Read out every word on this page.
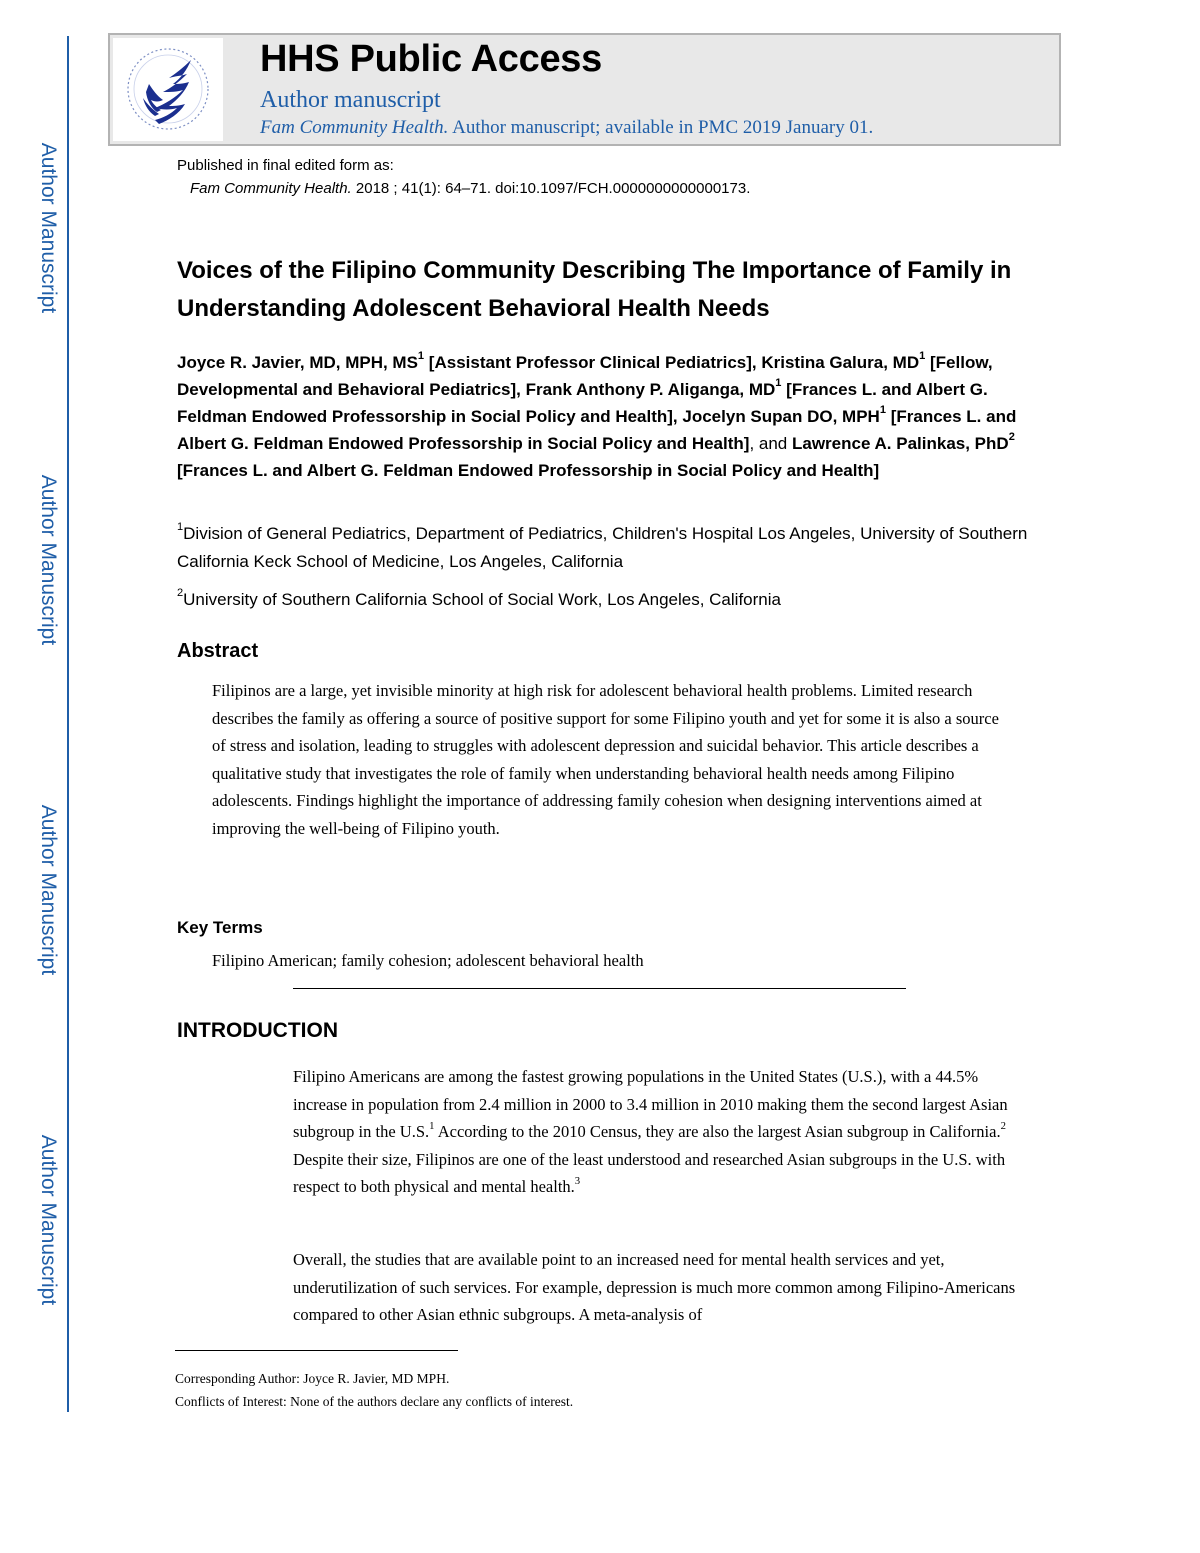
Author Manuscript
Author Manuscript
Author Manuscript
Author Manuscript
HHS Public Access
Author manuscript
Fam Community Health. Author manuscript; available in PMC 2019 January 01.
Published in final edited form as:
Fam Community Health. 2018 ; 41(1): 64–71. doi:10.1097/FCH.0000000000000173.
Voices of the Filipino Community Describing The Importance of Family in Understanding Adolescent Behavioral Health Needs
Joyce R. Javier, MD, MPH, $MS^1$ [Assistant Professor Clinical Pediatrics], Kristina Galura, $MD^1$ [Fellow, Developmental and Behavioral Pediatrics], Frank Anthony P. Aliganga, $MD^1$ [Frances L. and Albert G. Feldman Endowed Professorship in Social Policy and Health], Jocelyn Supan DO, MPH$^1$ [Frances L. and Albert G. Feldman Endowed Professorship in Social Policy and Health], and Lawrence A. Palinkas, PhD$^2$ [Frances L. and Albert G. Feldman Endowed Professorship in Social Policy and Health]
$^1$Division of General Pediatrics, Department of Pediatrics, Children's Hospital Los Angeles, University of Southern California Keck School of Medicine, Los Angeles, California
$^2$University of Southern California School of Social Work, Los Angeles, California
Abstract
Filipinos are a large, yet invisible minority at high risk for adolescent behavioral health problems. Limited research describes the family as offering a source of positive support for some Filipino youth and yet for some it is also a source of stress and isolation, leading to struggles with adolescent depression and suicidal behavior. This article describes a qualitative study that investigates the role of family when understanding behavioral health needs among Filipino adolescents. Findings highlight the importance of addressing family cohesion when designing interventions aimed at improving the well-being of Filipino youth.
Key Terms
Filipino American; family cohesion; adolescent behavioral health
INTRODUCTION
Filipino Americans are among the fastest growing populations in the United States (U.S.), with a 44.5% increase in population from 2.4 million in 2000 to 3.4 million in 2010 making them the second largest Asian subgroup in the U.S.$^1$ According to the 2010 Census, they are also the largest Asian subgroup in California.$^2$ Despite their size, Filipinos are one of the least understood and researched Asian subgroups in the U.S. with respect to both physical and mental health.$^3$
Overall, the studies that are available point to an increased need for mental health services and yet, underutilization of such services. For example, depression is much more common among Filipino-Americans compared to other Asian ethnic subgroups. A meta-analysis of
Corresponding Author: Joyce R. Javier, MD MPH.
Conflicts of Interest: None of the authors declare any conflicts of interest.
